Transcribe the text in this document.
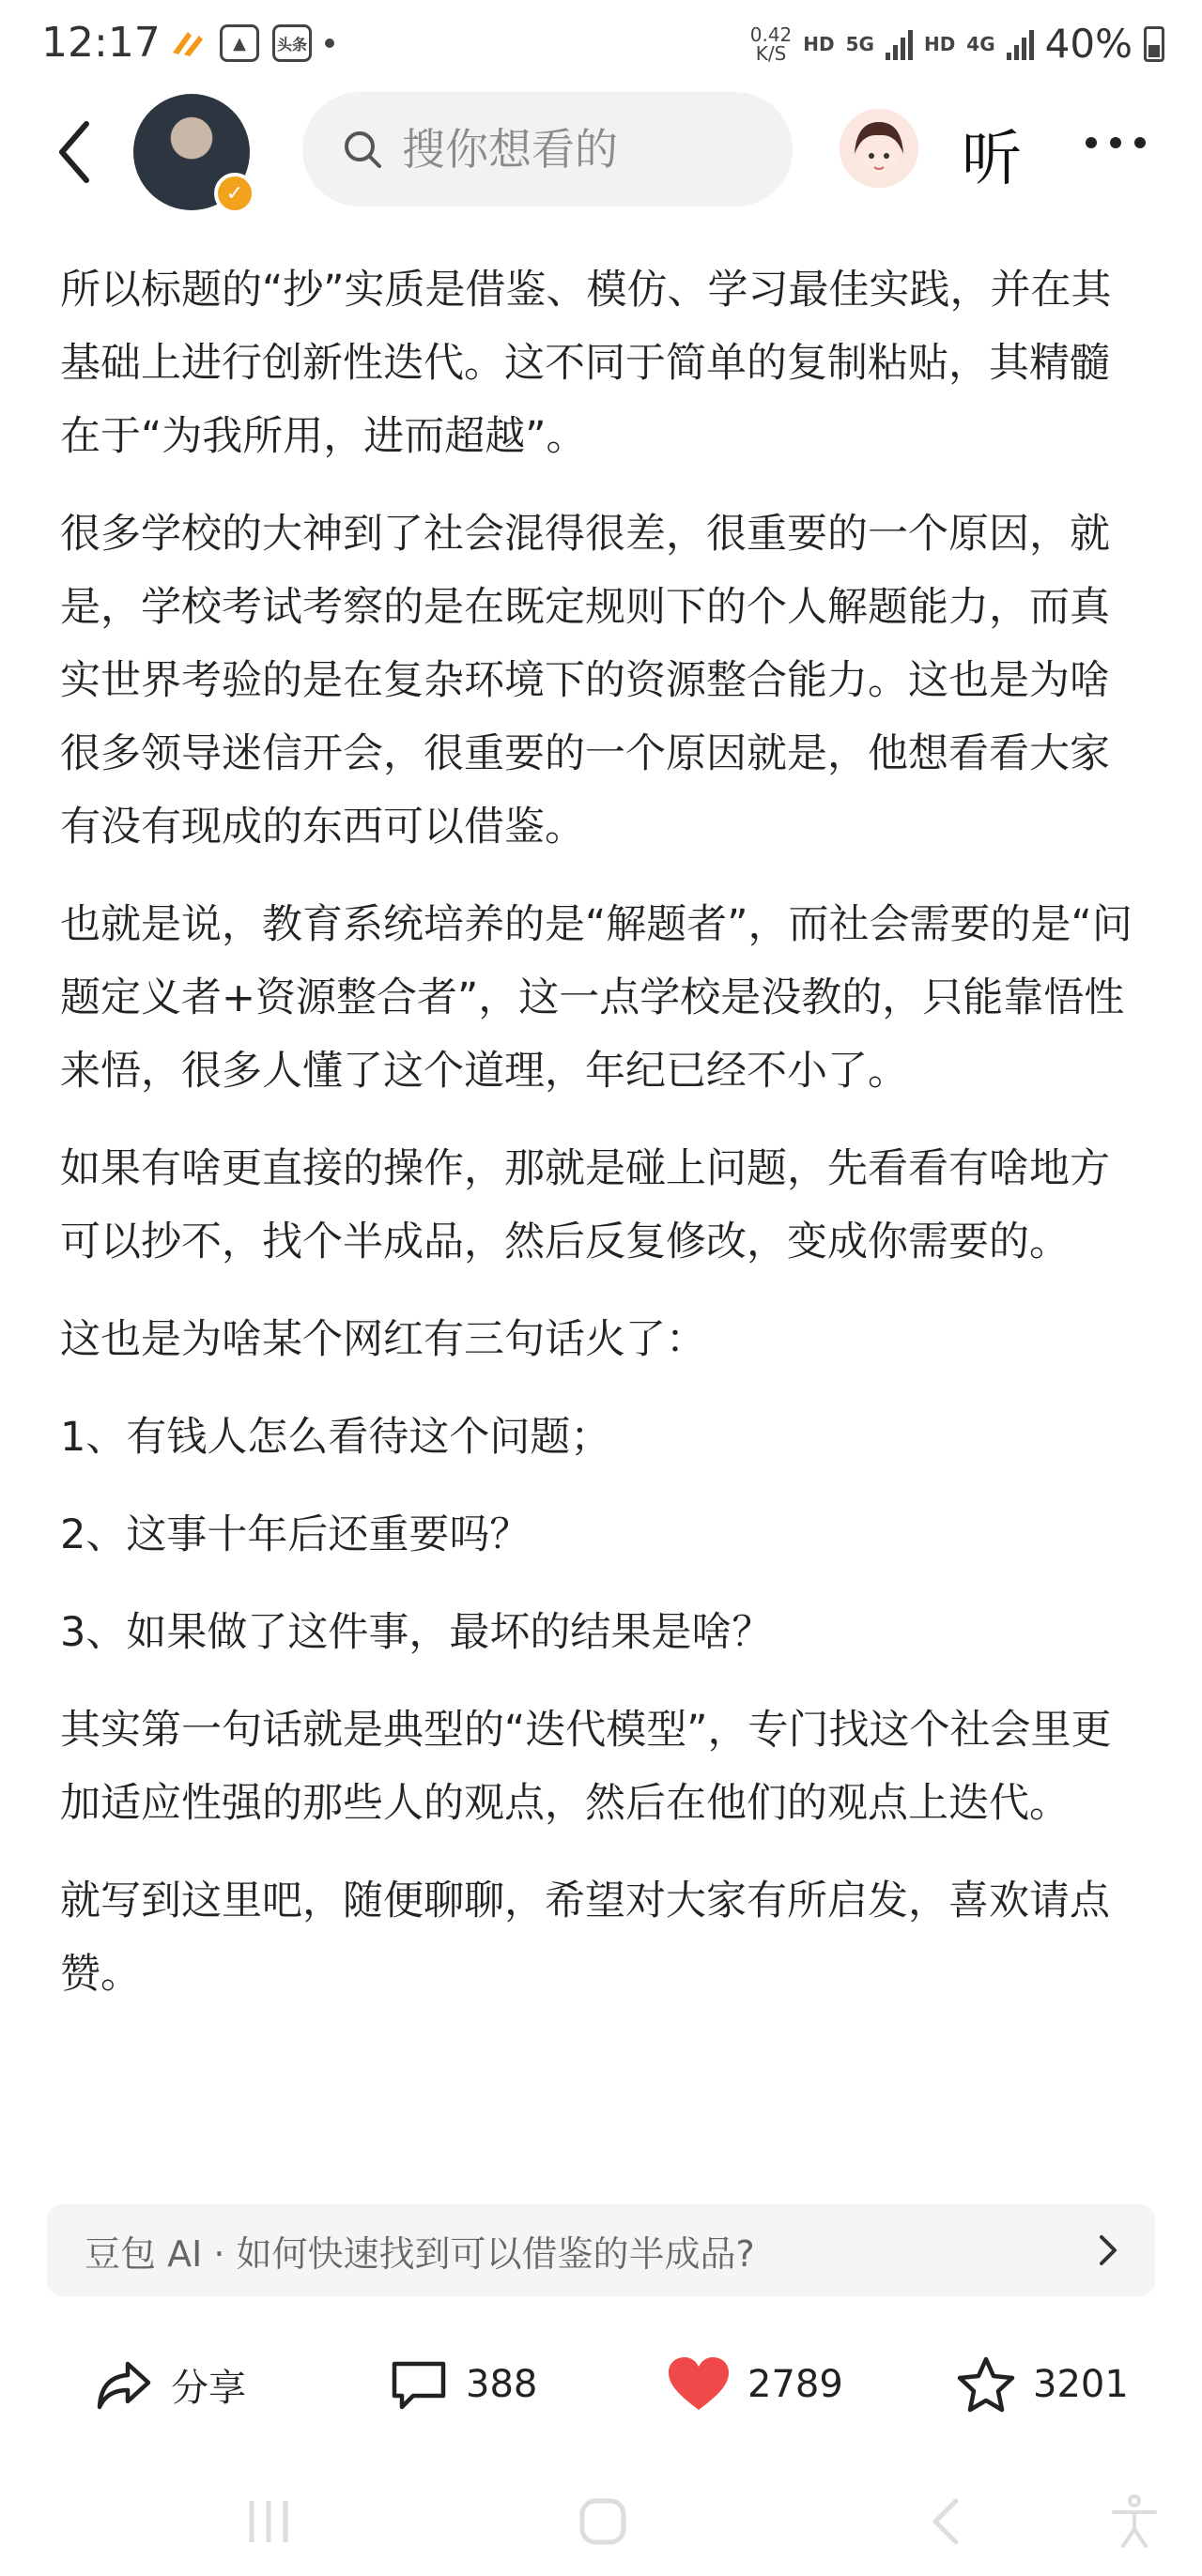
12:17	▲	头条	0.42
K/S HD 5G	HD 4G 40%
✓
搜你想看的	听

所以标题的“抄”实质是借鉴、模仿、学习最佳实践，并在其基础上进行创新性迭代。这不同于简单的复制粘贴，其精髓在于“为我所用，进而超越”。

很多学校的大神到了社会混得很差，很重要的一个原因，就是，学校考试考察的是在既定规则下的个人解题能力，而真实世界考验的是在复杂环境下的资源整合能力。这也是为啥很多领导迷信开会，很重要的一个原因就是，他想看看大家有没有现成的东西可以借鉴。

也就是说，教育系统培养的是“解题者”，而社会需要的是“问题定义者+资源整合者”，这一点学校是没教的，只能靠悟性来悟，很多人懂了这个道理，年纪已经不小了。

如果有啥更直接的操作，那就是碰上问题，先看看有啥地方可以抄不，找个半成品，然后反复修改，变成你需要的。

这也是为啥某个网红有三句话火了：

1、有钱人怎么看待这个问题；

2、这事十年后还重要吗？

3、如果做了这件事，最坏的结果是啥？

其实第一句话就是典型的“迭代模型”，专门找这个社会里更加适应性强的那些人的观点，然后在他们的观点上迭代。

就写到这里吧，随便聊聊，希望对大家有所启发，喜欢请点赞。

豆包 AI · 如何快速找到可以借鉴的半成品?
分享	388	2789	3201
